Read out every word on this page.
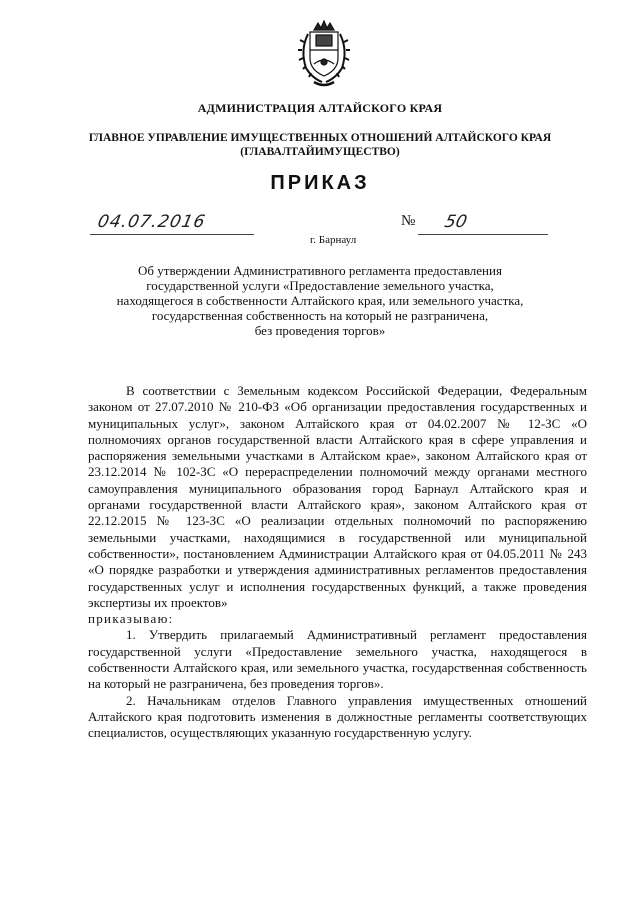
АДМИНИСТРАЦИЯ АЛТАЙСКОГО КРАЯ
ГЛАВНОЕ УПРАВЛЕНИЕ ИМУЩЕСТВЕННЫХ ОТНОШЕНИЙ АЛТАЙСКОГО КРАЯ
(ГЛАВАЛТАЙИМУЩЕСТВО)
ПРИКАЗ
04.07.2016	№ 50
г. Барнаул
Об утверждении Административного регламента предоставления
государственной услуги «Предоставление земельного участка,
находящегося в собственности Алтайского края, или земельного участка,
государственная собственность на который не разграничена,
без проведения торгов»

В соответствии с Земельным кодексом Российской Федерации, Федеральным законом от 27.07.2010 № 210-ФЗ «Об организации предоставления государственных и муниципальных услуг», законом Алтайского края от 04.02.2007 № 12-ЗС «О полномочиях органов государственной власти Алтайского края в сфере управления и распоряжения земельными участками в Алтайском крае», законом Алтайского края от 23.12.2014 № 102-ЗС «О перераспределении полномочий между органами местного самоуправления муниципального образования город Барнаул Алтайского края и органами государственной власти Алтайского края», законом Алтайского края от 22.12.2015 № 123-ЗС «О реализации отдельных полномочий по распоряжению земельными участками, находящимися в государственной или муниципальной собственности», постановлением Администрации Алтайского края от 04.05.2011 № 243 «О порядке разработки и утверждения административных регламентов предоставления государственных услуг и исполнения государственных функций, а также проведения экспертизы их проектов»

приказываю:

1. Утвердить прилагаемый Административный регламент предоставления государственной услуги «Предоставление земельного участка, находящегося в собственности Алтайского края, или земельного участка, государственная собственность на который не разграничена, без проведения торгов».

2. Начальникам отделов Главного управления имущественных отношений Алтайского края подготовить изменения в должностные регламенты соответствующих специалистов, осуществляющих указанную государственную услугу.
